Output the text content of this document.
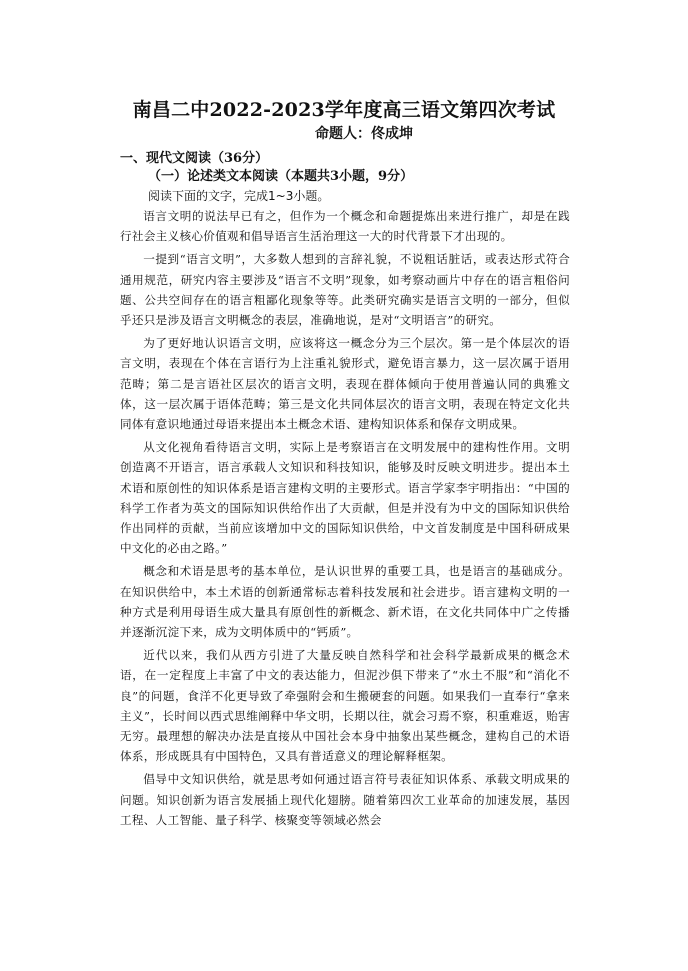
南昌二中2022-2023学年度高三语文第四次考试
命题人：佟成坤
一、现代文阅读（36分）
（一）论述类文本阅读（本题共3小题，9分）
阅读下面的文字，完成1~3小题。

语言文明的说法早已有之，但作为一个概念和命题提炼出来进行推广，却是在践行社会主义核心价值观和倡导语言生活治理这一大的时代背景下才出现的。

一提到“语言文明”，大多数人想到的言辞礼貌，不说粗话脏话，或表达形式符合通用规范，研究内容主要涉及“语言不文明”现象，如考察动画片中存在的语言粗俗问题、公共空间存在的语言粗鄙化现象等等。此类研究确实是语言文明的一部分，但似乎还只是涉及语言文明概念的表层，准确地说，是对“文明语言”的研究。

为了更好地认识语言文明，应该将这一概念分为三个层次。第一是个体层次的语言文明，表现在个体在言语行为上注重礼貌形式，避免语言暴力，这一层次属于语用范畴；第二是言语社区层次的语言文明，表现在群体倾向于使用普遍认同的典雅文体，这一层次属于语体范畴；第三是文化共同体层次的语言文明，表现在特定文化共同体有意识地通过母语来提出本土概念术语、建构知识体系和保存文明成果。

从文化视角看待语言文明，实际上是考察语言在文明发展中的建构性作用。文明创造离不开语言，语言承载人文知识和科技知识，能够及时反映文明进步。提出本土术语和原创性的知识体系是语言建构文明的主要形式。语言学家李宇明指出：“中国的科学工作者为英文的国际知识供给作出了大贡献，但是并没有为中文的国际知识供给作出同样的贡献，当前应该增加中文的国际知识供给，中文首发制度是中国科研成果中文化的必由之路。”

概念和术语是思考的基本单位，是认识世界的重要工具，也是语言的基础成分。在知识供给中，本土术语的创新通常标志着科技发展和社会进步。语言建构文明的一种方式是利用母语生成大量具有原创性的新概念、新术语，在文化共同体中广之传播并逐渐沉淀下来，成为文明体质中的“钙质”。

近代以来，我们从西方引进了大量反映自然科学和社会科学最新成果的概念术语，在一定程度上丰富了中文的表达能力，但泥沙俱下带来了“水土不服”和“消化不良”的问题，食洋不化更导致了牵强附会和生搬硬套的问题。如果我们一直奉行“拿来主义”，长时间以西式思维阐释中华文明，长期以往，就会习焉不察，积重难返，贻害无穷。最理想的解决办法是直接从中国社会本身中抽象出某些概念，建构自己的术语体系，形成既具有中国特色，又具有普适意义的理论解释框架。

倡导中文知识供给，就是思考如何通过语言符号表征知识体系、承载文明成果的问题。知识创新为语言发展插上现代化翅膀。随着第四次工业革命的加速发展，基因工程、人工智能、量子科学、核聚变等领域必然会
